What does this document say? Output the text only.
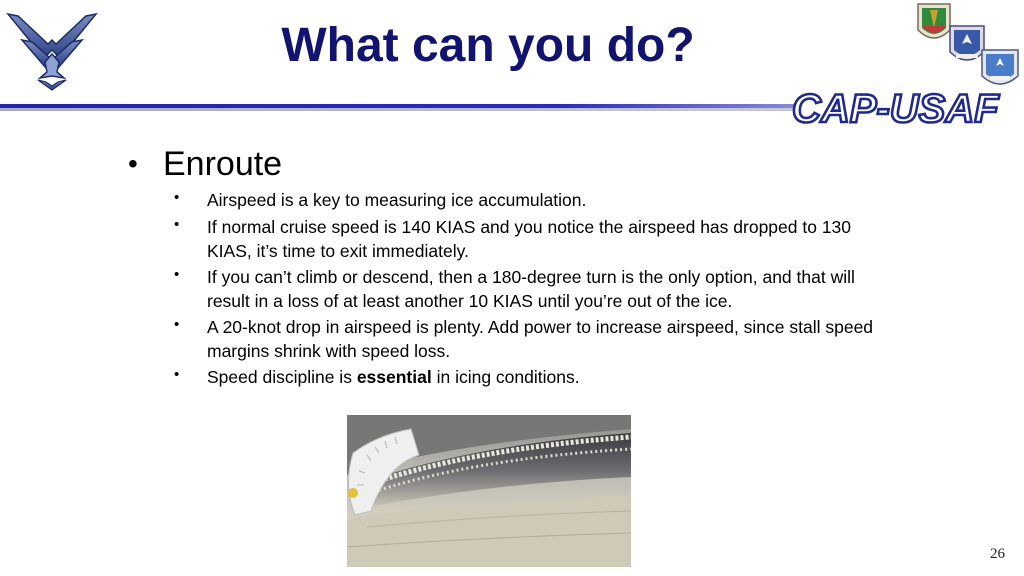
What can you do?
CAP-USAF
• Enroute
• Airspeed is a key to measuring ice accumulation.
• If normal cruise speed is 140 KIAS and you notice the airspeed has dropped to 130 KIAS, it’s time to exit immediately.
• If you can’t climb or descend, then a 180-degree turn is the only option, and that will result in a loss of at least another 10 KIAS until you’re out of the ice.
• A 20-knot drop in airspeed is plenty. Add power to increase airspeed, since stall speed margins shrink with speed loss.
• Speed discipline is essential in icing conditions.
26
